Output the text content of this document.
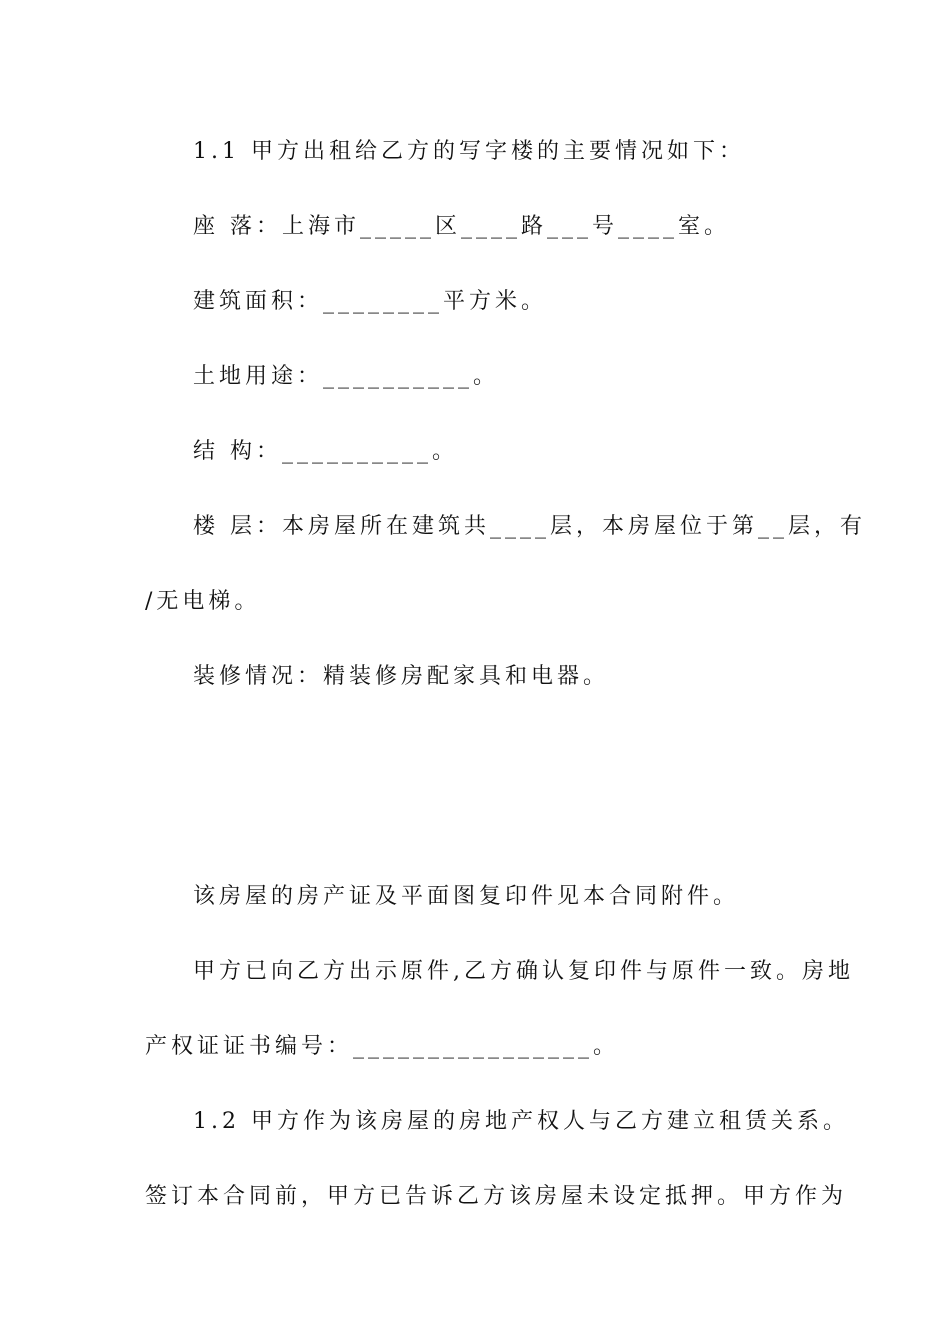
1.1 甲方出租给乙方的写字楼的主要情况如下：
座 落：上海市_____区____路___号____室。
建筑面积：________平方米。
土地用途：__________。
结 构：__________。
楼 层：本房屋所在建筑共____层，本房屋位于第__层，有
/无电梯。
装修情况：精装修房配家具和电器。
该房屋的房产证及平面图复印件见本合同附件。
甲方已向乙方出示原件,乙方确认复印件与原件一致。房地
产权证证书编号：________________。
1.2 甲方作为该房屋的房地产权人与乙方建立租赁关系。
签订本合同前，甲方已告诉乙方该房屋未设定抵押。甲方作为
